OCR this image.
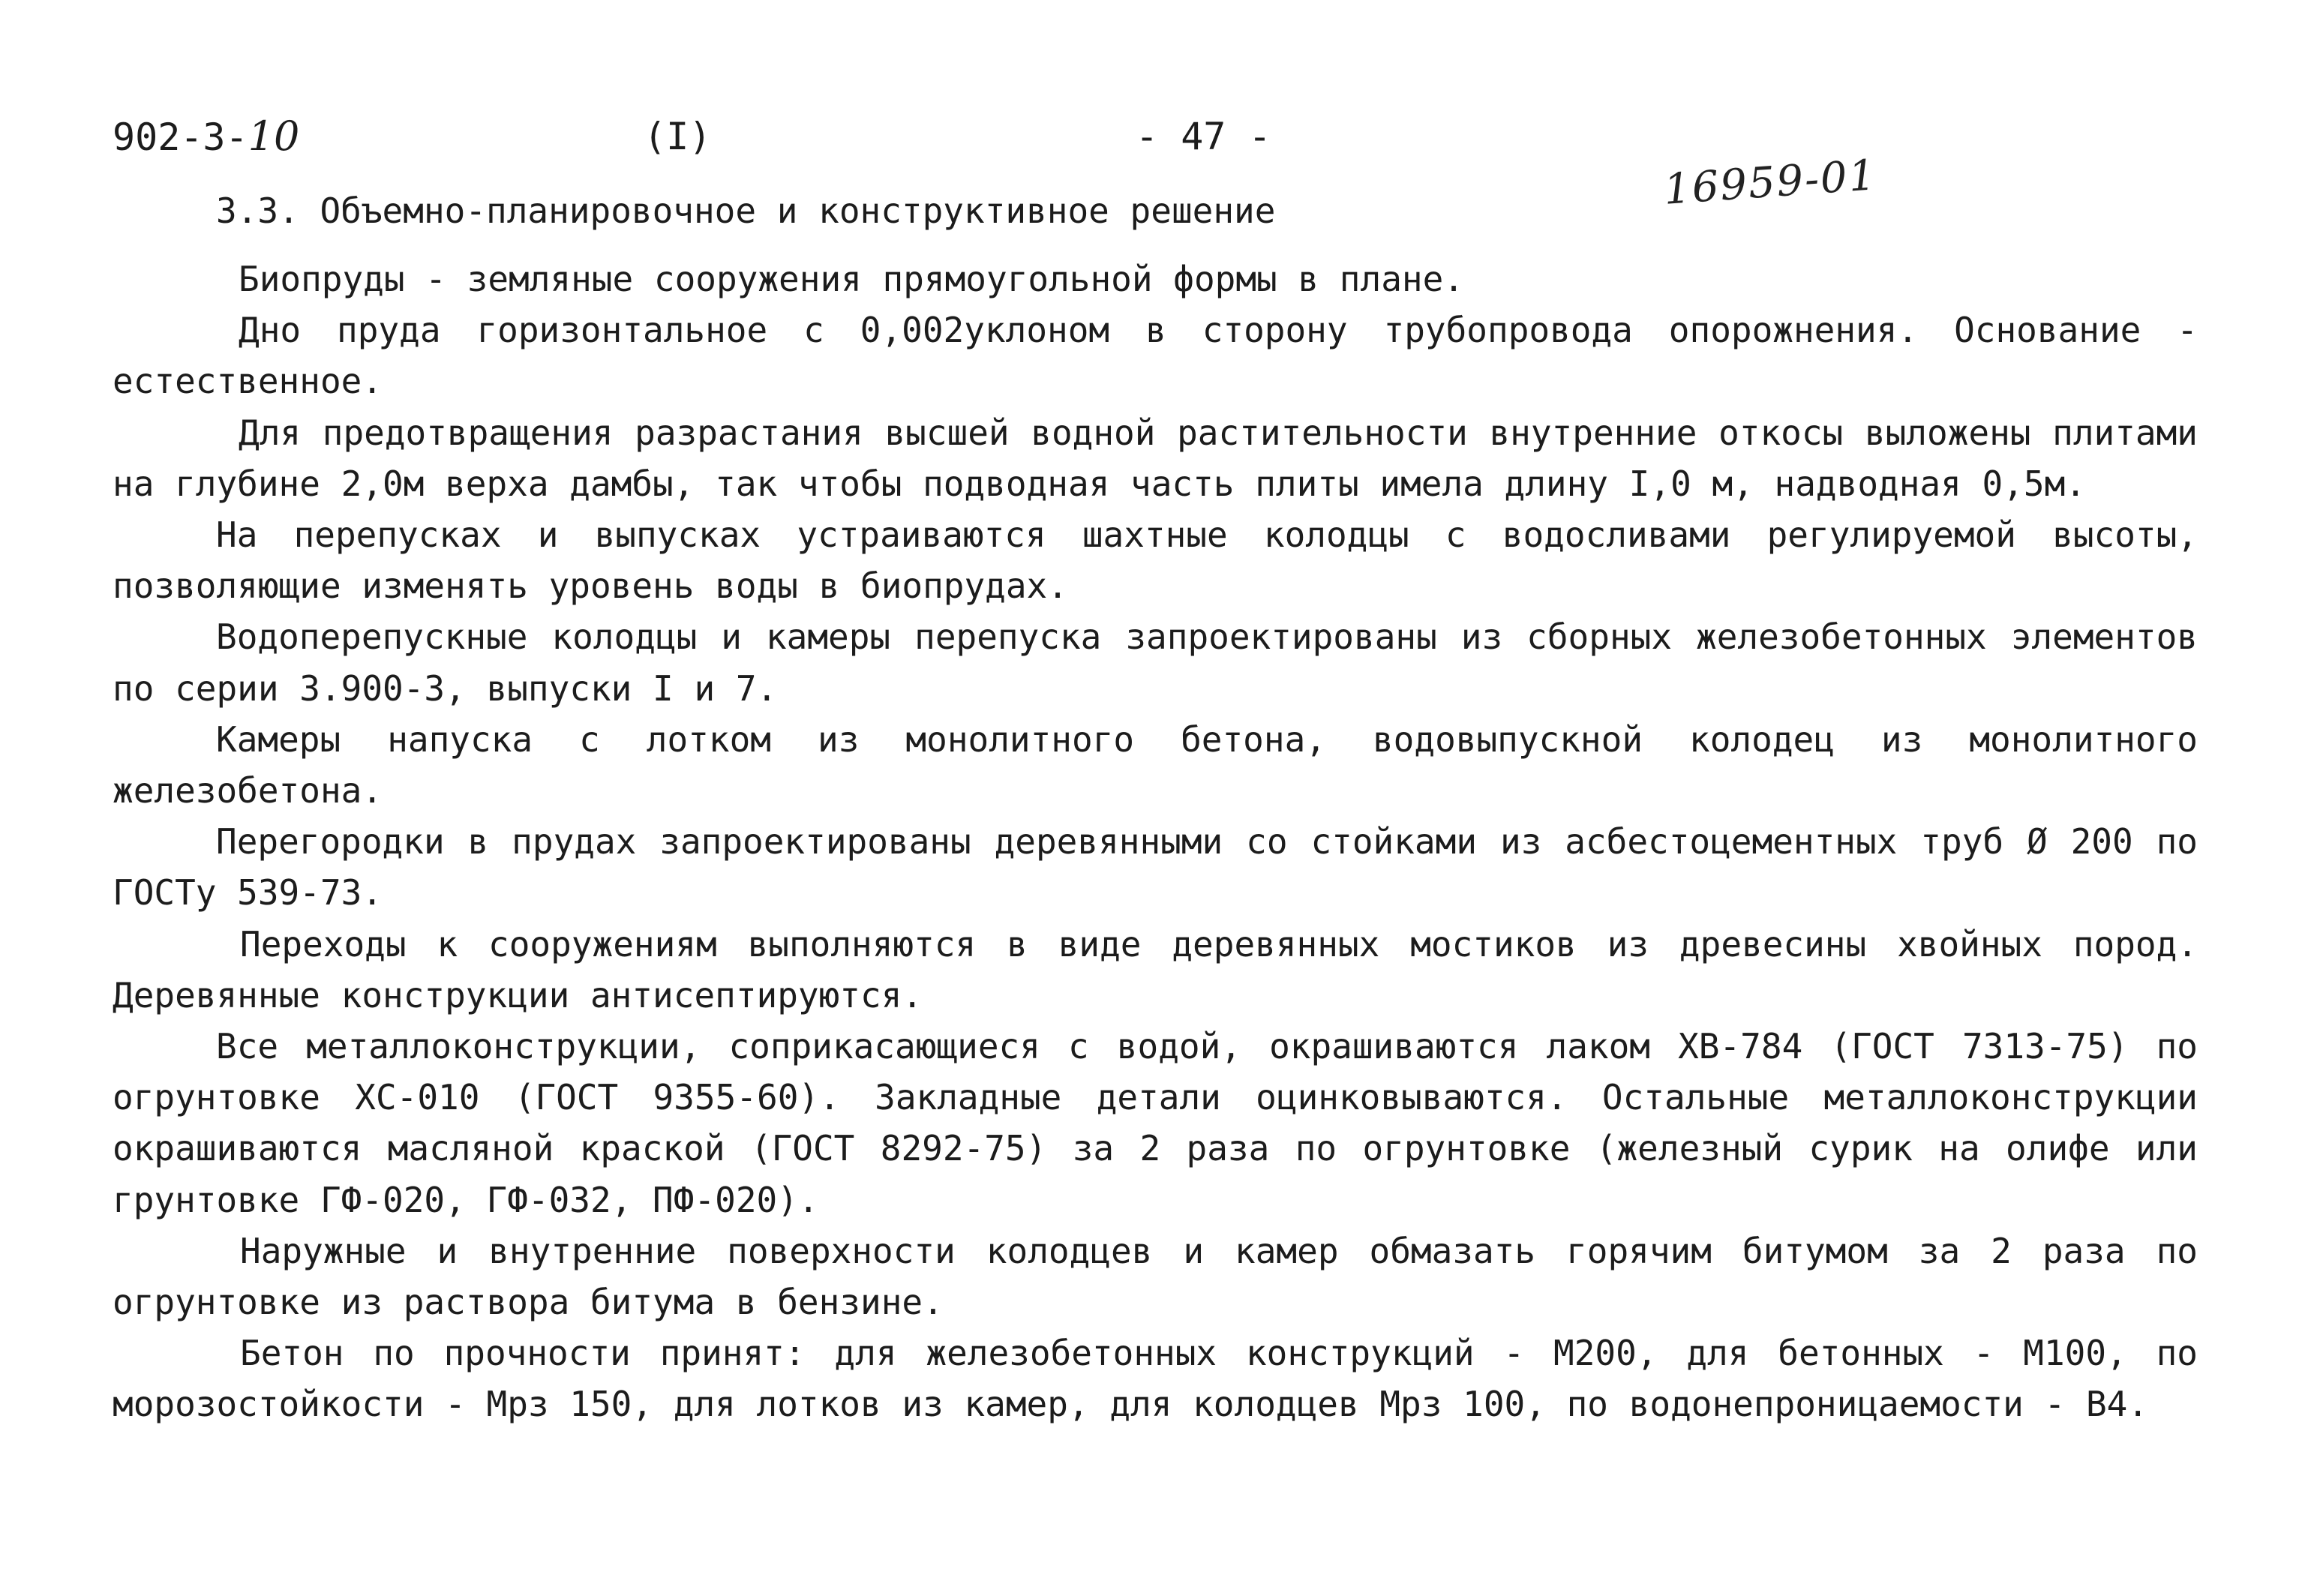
902-3-10	(I)	- 47 -
16959-01
3.3. Объемно-планировочное и конструктивное решение

Биопруды - земляные сооружения прямоугольной формы в плане.

Дно пруда горизонтальное с 0,002уклоном в сторону трубопровода опорожнения. Основание - естественное.

Для предотвращения разрастания высшей водной растительности внутренние откосы выложены плитами на глубине 2,0м верха дамбы, так чтобы подводная часть плиты имела длину I,0 м, надводная 0,5м.

На перепусках и выпусках устраиваются шахтные колодцы с водосливами регулируемой высоты, позволяющие изменять уровень воды в биопрудах.

Водоперепускные колодцы и камеры перепуска запроектированы из сборных железобетонных элементов по серии 3.900-3, выпуски I и 7.

Камеры напуска с лотком из монолитного бетона, водовыпускной колодец из монолитного железобетона.

Перегородки в прудах запроектированы деревянными со стойками из асбестоцементных труб Ø 200 по ГОСТу 539-73.

Переходы к сооружениям выполняются в виде деревянных мостиков из древесины хвойных пород. Деревянные конструкции антисептируются.

Все металлоконструкции, соприкасающиеся с водой, окрашиваются лаком ХВ-784 (ГОСТ 7313-75) по огрунтовке ХС-010 (ГОСТ 9355-60). Закладные детали оцинковываются. Остальные металлоконструкции окрашиваются масляной краской (ГОСТ 8292-75) за 2 раза по огрунтовке (железный сурик на олифе или грунтовке ГФ-020, ГФ-032, ПФ-020).

Наружные и внутренние поверхности колодцев и камер обмазать горячим битумом за 2 раза по огрунтовке из раствора битума в бензине.

Бетон по прочности принят: для железобетонных конструкций - М200, для бетонных - М100, по морозостойкости - Мрз 150, для лотков из камер, для колодцев Мрз 100, по водонепроницаемости - В4.
